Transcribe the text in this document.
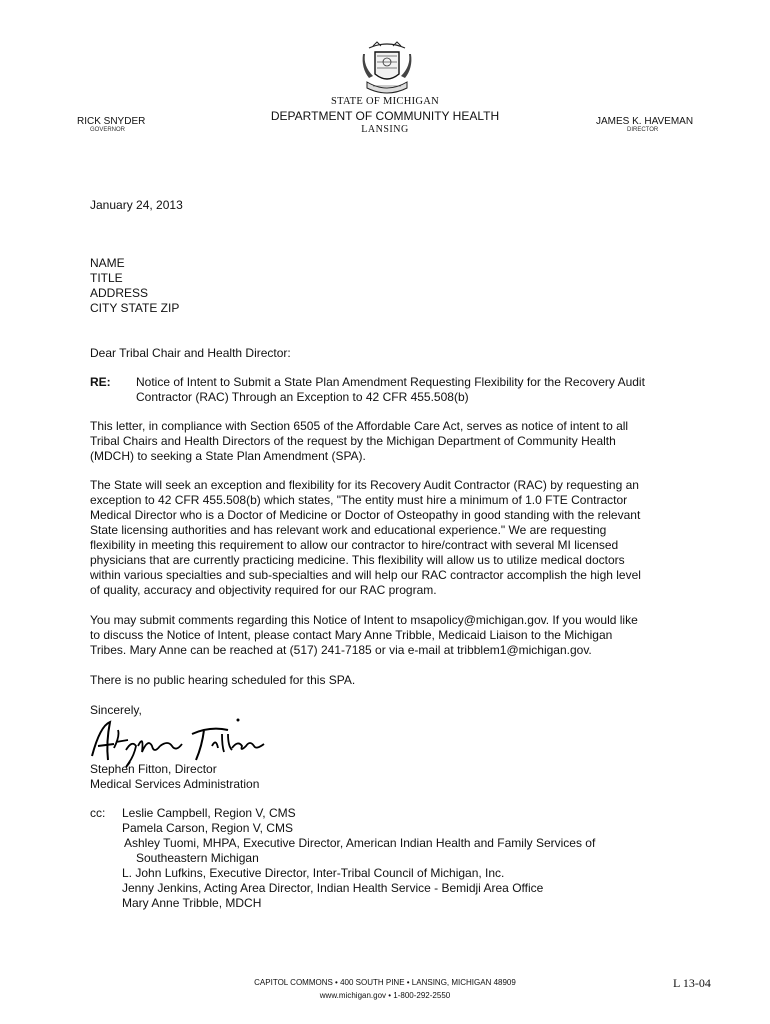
STATE OF MICHIGAN
DEPARTMENT OF COMMUNITY HEALTH
LANSING
RICK SNYDER
GOVERNOR
JAMES K. HAVEMAN
DIRECTOR
January 24, 2013
NAME
TITLE
ADDRESS
CITY STATE ZIP
Dear Tribal Chair and Health Director:
RE: Notice of Intent to Submit a State Plan Amendment Requesting Flexibility for the Recovery Audit
Contractor (RAC) Through an Exception to 42 CFR 455.508(b)
This letter, in compliance with Section 6505 of the Affordable Care Act, serves as notice of intent to all
Tribal Chairs and Health Directors of the request by the Michigan Department of Community Health
(MDCH) to seeking a State Plan Amendment (SPA).
The State will seek an exception and flexibility for its Recovery Audit Contractor (RAC) by requesting an
exception to 42 CFR 455.508(b) which states, "The entity must hire a minimum of 1.0 FTE Contractor
Medical Director who is a Doctor of Medicine or Doctor of Osteopathy in good standing with the relevant
State licensing authorities and has relevant work and educational experience." We are requesting
flexibility in meeting this requirement to allow our contractor to hire/contract with several MI licensed
physicians that are currently practicing medicine. This flexibility will allow us to utilize medical doctors
within various specialties and sub-specialties and will help our RAC contractor accomplish the high level
of quality, accuracy and objectivity required for our RAC program.
You may submit comments regarding this Notice of Intent to msapolicy@michigan.gov. If you would like
to discuss the Notice of Intent, please contact Mary Anne Tribble, Medicaid Liaison to the Michigan
Tribes. Mary Anne can be reached at (517) 241-7185 or via e-mail at tribblem1@michigan.gov.
There is no public hearing scheduled for this SPA.
Sincerely,
Stephen Fitton, Director
Medical Services Administration
cc: Leslie Campbell, Region V, CMS
Pamela Carson, Region V, CMS
Ashley Tuomi, MHPA, Executive Director, American Indian Health and Family Services of
Southeastern Michigan
L. John Lufkins, Executive Director, Inter-Tribal Council of Michigan, Inc.
Jenny Jenkins, Acting Area Director, Indian Health Service - Bemidji Area Office
Mary Anne Tribble, MDCH
CAPITOL COMMONS • 400 SOUTH PINE • LANSING, MICHIGAN 48909
www.michigan.gov • 1-800-292-2550
L 13-04
